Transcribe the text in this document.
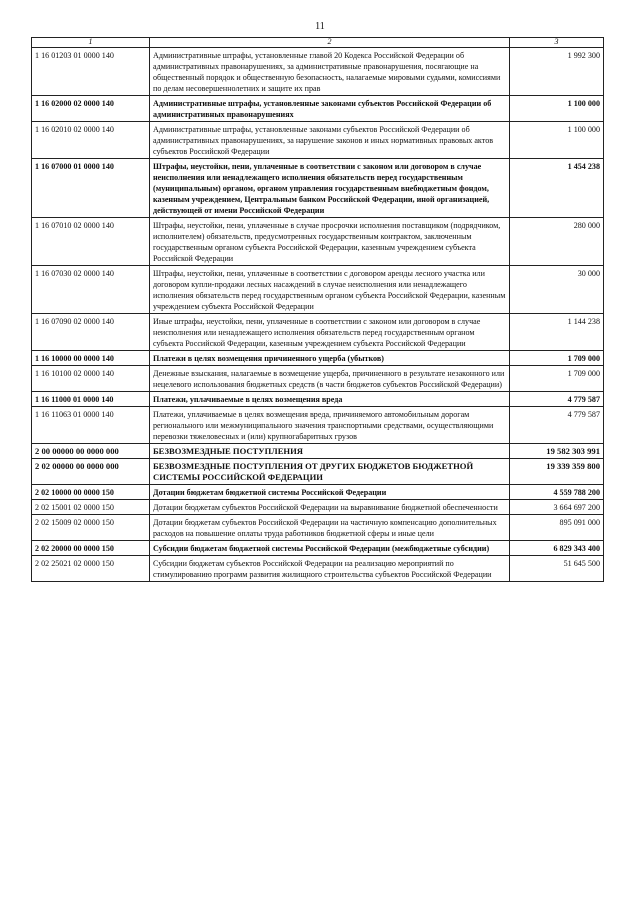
11
1	2	3
1 16 01203 01 0000 140	Административные штрафы, установленные главой 20 Кодекса Российской Федерации об административных правонарушениях, за административные правонарушения, посягающие на общественный порядок и общественную безопасность, налагаемые мировыми судьями, комиссиями по делам несовершеннолетних и защите их прав	1 992 300
1 16 02000 02 0000 140	Административные штрафы, установленные законами субъектов Российской Федерации об административных правонарушениях	1 100 000
1 16 02010 02 0000 140	Административные штрафы, установленные законами субъектов Российской Федерации об административных правонарушениях, за нарушение законов и иных нормативных правовых актов субъектов Российской Федерации	1 100 000
1 16 07000 01 0000 140	Штрафы, неустойки, пени, уплаченные в соответствии с законом или договором в случае неисполнения или ненадлежащего исполнения обязательств перед государственным (муниципальным) органом, органом управления государственным внебюджетным фондом, казенным учреждением, Центральным банком Российской Федерации, иной организацией, действующей от имени Российской Федерации	1 454 238
1 16 07010 02 0000 140	Штрафы, неустойки, пени, уплаченные в случае просрочки исполнения поставщиком (подрядчиком, исполнителем) обязательств, предусмотренных государственным контрактом, заключенным государственным органом субъекта Российской Федерации, казенным учреждением субъекта Российской Федерации	280 000
1 16 07030 02 0000 140	Штрафы, неустойки, пени, уплаченные в соответствии с договором аренды лесного участка или договором купли-продажи лесных насаждений в случае неисполнения или ненадлежащего исполнения обязательств перед государственным органом субъекта Российской Федерации, казенным учреждением субъекта Российской Федерации	30 000
1 16 07090 02 0000 140	Иные штрафы, неустойки, пени, уплаченные в соответствии с законом или договором в случае неисполнения или ненадлежащего исполнения обязательств перед государственным органом субъекта Российской Федерации, казенным учреждением субъекта Российской Федерации	1 144 238
1 16 10000 00 0000 140	Платежи в целях возмещения причиненного ущерба (убытков)	1 709 000
1 16 10100 02 0000 140	Денежные взыскания, налагаемые в возмещение ущерба, причиненного в результате незаконного или нецелевого использования бюджетных средств (в части бюджетов субъектов Российской Федерации)	1 709 000
1 16 11000 01 0000 140	Платежи, уплачиваемые в целях возмещения вреда	4 779 587
1 16 11063 01 0000 140	Платежи, уплачиваемые в целях возмещения вреда, причиняемого автомобильным дорогам регионального или межмуниципального значения транспортными средствами, осуществляющими перевозки тяжеловесных и (или) крупногабаритных грузов	4 779 587
2 00 00000 00 0000 000	БЕЗВОЗМЕЗДНЫЕ ПОСТУПЛЕНИЯ	19 582 303 991
2 02 00000 00 0000 000	БЕЗВОЗМЕЗДНЫЕ ПОСТУПЛЕНИЯ ОТ ДРУГИХ БЮДЖЕТОВ БЮДЖЕТНОЙ СИСТЕМЫ РОССИЙСКОЙ ФЕДЕРАЦИИ	19 339 359 800
2 02 10000 00 0000 150	Дотации бюджетам бюджетной системы Российской Федерации	4 559 788 200
2 02 15001 02 0000 150	Дотации бюджетам субъектов Российской Федерации на выравнивание бюджетной обеспеченности	3 664 697 200
2 02 15009 02 0000 150	Дотации бюджетам субъектов Российской Федерации на частичную компенсацию дополнительных расходов на повышение оплаты труда работников бюджетной сферы и иные цели	895 091 000
2 02 20000 00 0000 150	Субсидии бюджетам бюджетной системы Российской Федерации (межбюджетные субсидии)	6 829 343 400
2 02 25021 02 0000 150	Субсидии бюджетам субъектов Российской Федерации на реализацию мероприятий по стимулированию программ развития жилищного строительства субъектов Российской Федерации	51 645 500
